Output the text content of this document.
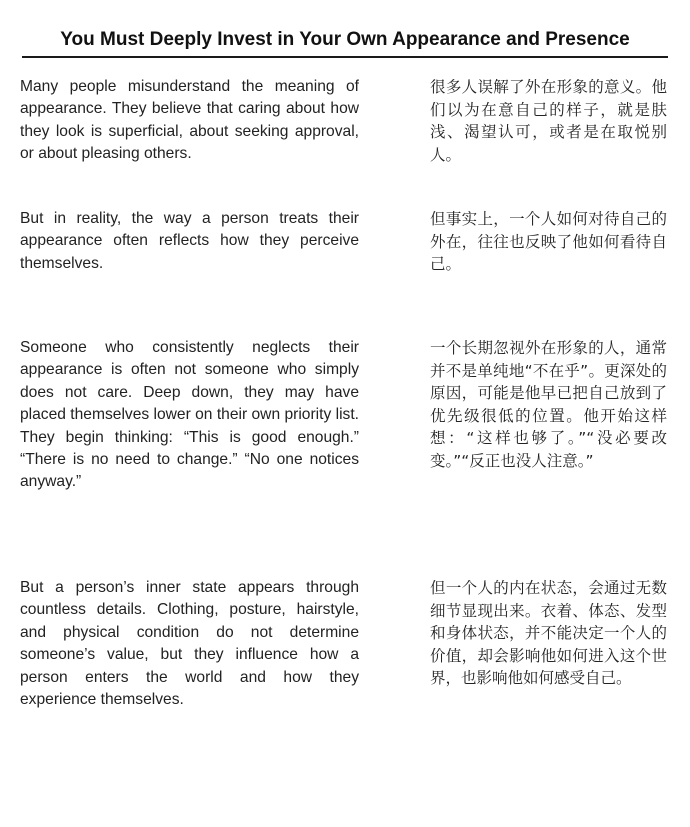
You Must Deeply Invest in Your Own Appearance and Presence
Many people misunderstand the meaning of appearance. They believe that caring about how they look is superficial, about seeking approval, or about pleasing others.
很多人误解了外在形象的意义。他们以为在意自己的样子，就是肤浅、渴望认可，或者是在取悦别人。
But in reality, the way a person treats their appearance often reflects how they perceive themselves.
但事实上，一个人如何对待自己的外在，往往也反映了他如何看待自己。
Someone who consistently neglects their appearance is often not someone who simply does not care. Deep down, they may have placed themselves lower on their own priority list. They begin thinking: “This is good enough.” “There is no need to change.” “No one notices anyway.”
一个长期忽视外在形象的人，通常并不是单纯地“不在乎”。更深处的原因，可能是他早已把自己放到了优先级很低的位置。他开始这样想：“这样也够了。”“没必要改变。”“反正也没人注意。”
But a person’s inner state appears through countless details. Clothing, posture, hairstyle, and physical condition do not determine someone’s value, but they influence how a person enters the world and how they experience themselves.
但一个人的内在状态，会通过无数细节显现出来。衣着、体态、发型和身体状态，并不能决定一个人的价值，却会影响他如何进入这个世界，也影响他如何感受自己。
